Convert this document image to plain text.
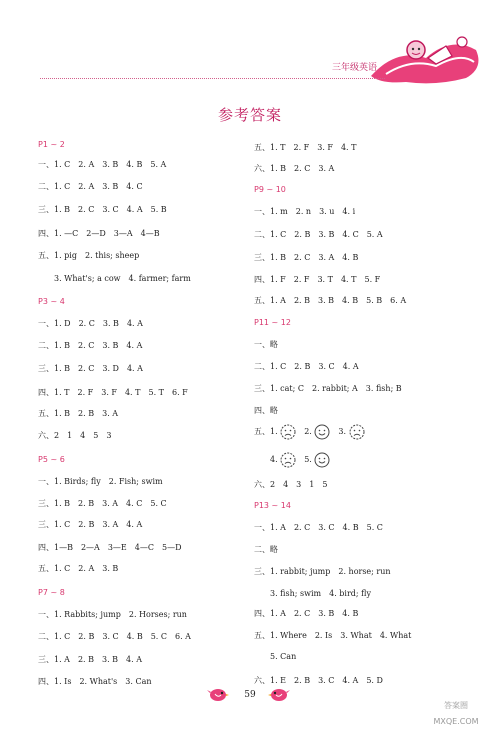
三年级英语
参考答案
P1 ~ 2
一、1. C　2. A　3. B　4. B　5. A
二、1. C　2. A　3. B　4. C
三、1. B　2. C　3. C　4. A　5. B
四、1. —C　2—D　3—A　4—B
五、1. pig　2. this; sheep
　　3. What's; a cow　4. farmer; farm
P3 ~ 4
一、1. D　2. C　3. B　4. A
二、1. B　2. C　3. B　4. A
三、1. B　2. C　3. D　4. A
四、1. T　2. F　3. F　4. T　5. T　6. F
五、1. B　2. B　3. A
六、2　1　4　5　3
P5 ~ 6
一、1. Birds; fly　2. Fish; swim
三、1. B　2. B　3. A　4. C　5. C
三、1. C　2. B　3. A　4. A
四、1—B　2—A　3—E　4—C　5—D
五、1. C　2. A　3. B
P7 ~ 8
一、1. Rabbits; jump　2. Horses; run
二、1. C　2. B　3. C　4. B　5. C　6. A
三、1. A　2. B　3. B　4. A
四、1. Is　2. What's　3. Can
五、1. T　2. F　3. F　4. T
六、1. B　2. C　3. A
P9 ~ 10
一、1. m　2. n　3. u　4. i
二、1. C　2. B　3. B　4. C　5. A
三、1. B　2. C　3. A　4. B
四、1. F　2. F　3. T　4. T　5. F
五、1. A　2. B　3. B　4. B　5. B　6. A
P11 ~ 12
一、略
二、1. C　2. B　3. C　4. A
三、1. cat; C　2. rabbit; A　3. fish; B
四、略
五、1. 　	2. 　	3.
　　4. 　	5.
六、2　4　3　1　5
P13 ~ 14
一、1. A　2. C　3. C　4. B　5. C
二、略
三、1. rabbit; jump　2. horse; run
　　3. fish; swim　4. bird; fly
四、1. A　2. C　3. B　4. B
五、1. Where　2. Is　3. What　4. What
　　5. Can
六、1. E　2. B　3. C　4. A　5. D
59
答案圈
MXQE.COM
